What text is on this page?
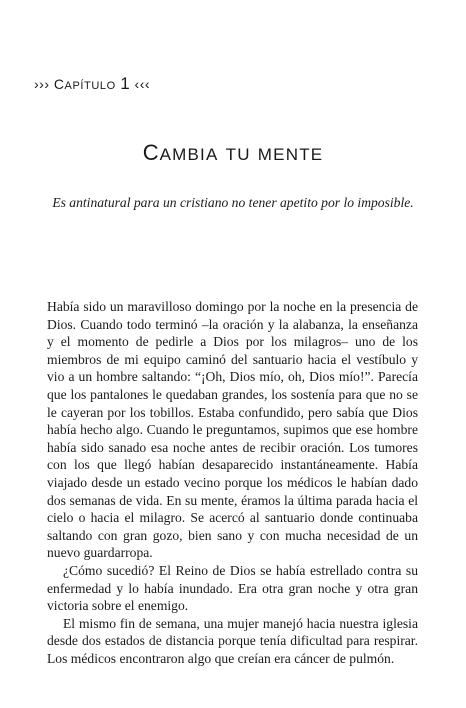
››› CAPÍTULO 1 ‹‹‹
CAMBIA TU MENTE
Es antinatural para un cristiano no tener apetito por lo imposible.

Había sido un maravilloso domingo por la noche en la presencia de Dios. Cuando todo terminó –la oración y la alabanza, la enseñanza y el momento de pedirle a Dios por los milagros– uno de los miembros de mi equipo caminó del santuario hacia el vestíbulo y vio a un hombre saltando: “¡Oh, Dios mío, oh, Dios mío!”. Parecía que los pantalones le quedaban grandes, los sostenía para que no se le cayeran por los tobillos. Estaba confundido, pero sabía que Dios había hecho algo. Cuando le preguntamos, supimos que ese hombre había sido sanado esa noche antes de recibir oración. Los tumores con los que llegó habían desaparecido instantáneamente. Había viajado desde un estado vecino porque los médicos le habían dado dos semanas de vida. En su mente, éramos la última parada hacia el cielo o hacia el milagro. Se acercó al santuario donde continuaba saltando con gran gozo, bien sano y con mucha necesidad de un nuevo guardarropa.

¿Cómo sucedió? El Reino de Dios se había estrellado contra su enfermedad y lo había inundado. Era otra gran noche y otra gran victoria sobre el enemigo.

El mismo fin de semana, una mujer manejó hacia nuestra iglesia desde dos estados de distancia porque tenía dificultad para respirar. Los médicos encontraron algo que creían era cáncer de pulmón.
